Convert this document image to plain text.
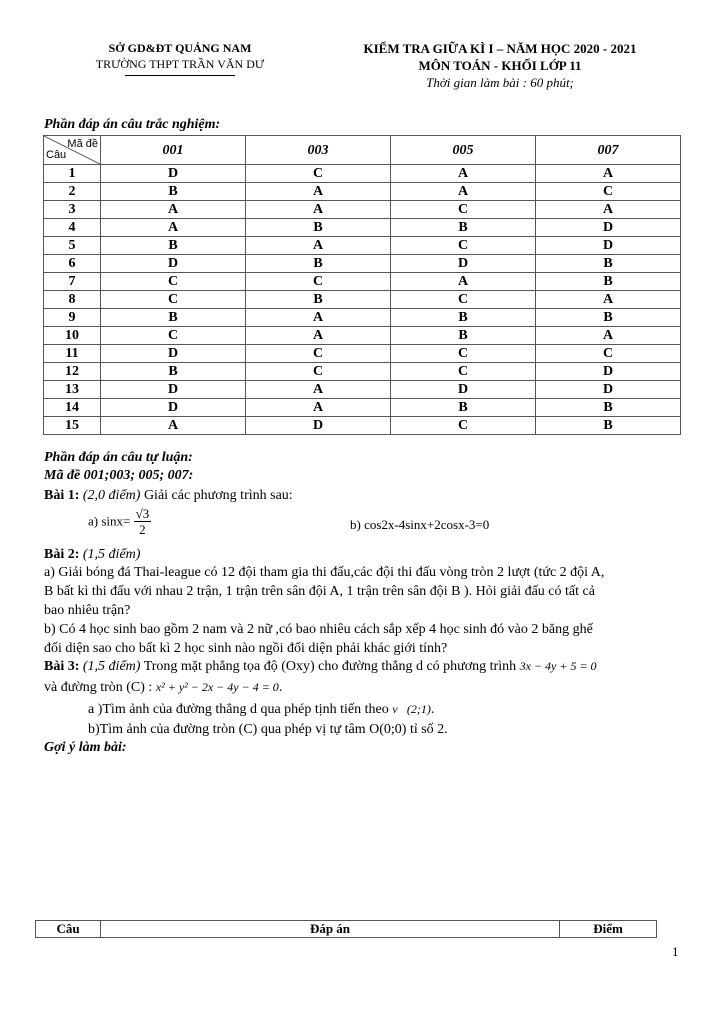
SỞ GD&ĐT QUẢNG NAM
TRƯỜNG THPT TRẦN VĂN DƯ
KIỂM TRA GIỮA KÌ I – NĂM HỌC 2020 - 2021
MÔN TOÁN - KHỐI LỚP 11
Thời gian làm bài : 60 phút;
Phần đáp án câu trắc nghiệm:
Mã đề
Câu	001	003	005	007
1	D	C	A	A
2	B	A	A	C
3	A	A	C	A
4	A	B	B	D
5	B	A	C	D
6	D	B	D	B
7	C	C	A	B
8	C	B	C	A
9	B	A	B	B
10	C	A	B	A
11	D	C	C	C
12	B	C	C	D
13	D	A	D	D
14	D	A	B	B
15	A	D	C	B
Phần đáp án câu tự luận:
Mã đề 001;003; 005; 007:
Bài 1: (2,0 điểm) Giải các phương trình sau:
a) $\sin x= \frac{√3}{2}$	b) cos2x-4sinx+2cosx-3=0
Bài 2: (1,5 điểm)
a) Giải bóng đá Thai-league có 12 đội tham gia thi đấu,các đội thi đấu vòng tròn 2 lượt (tức 2 đội A,
B bất kì thi đấu với nhau 2 trận, 1 trận trên sân đội A, 1 trận trên sân đội B ). Hỏi giải đấu có tất cả
bao nhiêu trận?
b) Có 4 học sinh bao gồm 2 nam và 2 nữ ,có bao nhiêu cách sắp xếp 4 học sinh đó vào 2 băng ghế
đối diện sao cho bất kì 2 học sinh nào ngồi đối diện phải khác giới tính?
Bài 3: (1,5 điểm) Trong mặt phẳng tọa độ (Oxy) cho đường thẳng d có phương trình 3x − 4y + 5 = 0
và đường tròn (C) : x² + y² − 2x − 4y − 4 = 0.
a )Tìm ảnh của đường thẳng d qua phép tịnh tiến theo v⃗(2;1).
b)Tìm ảnh của đường tròn (C) qua phép vị tự tâm O(0;0) tỉ số 2.
Gợi ý làm bài:
Câu	Đáp án	Điểm
1
